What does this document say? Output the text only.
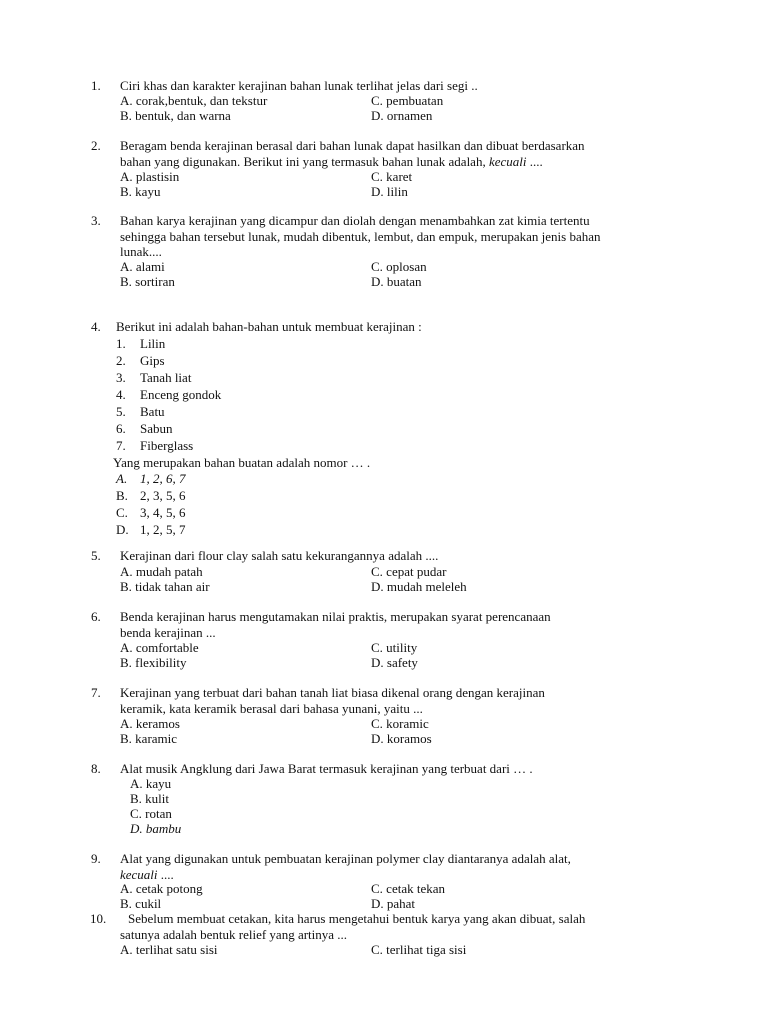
1. Ciri khas dan karakter kerajinan bahan lunak terlihat jelas dari segi ..
A. corak,bentuk, dan tekstur	C. pembuatan
B. bentuk, dan warna	D. ornamen
2. Beragam benda kerajinan berasal dari bahan lunak dapat hasilkan dan dibuat berdasarkan
bahan yang digunakan. Berikut ini yang termasuk bahan lunak adalah, kecuali ....
A. plastisin	C. karet
B. kayu	D. lilin
3. Bahan karya kerajinan yang dicampur dan diolah dengan menambahkan zat kimia tertentu
sehingga bahan tersebut lunak, mudah dibentuk, lembut, dan empuk, merupakan jenis bahan
lunak....
A. alami	C. oplosan
B. sortiran	D. buatan
4. Berikut ini adalah bahan-bahan untuk membuat kerajinan :
1. Lilin
2. Gips
3. Tanah liat
4. Enceng gondok
5. Batu
6. Sabun
7. Fiberglass
Yang merupakan bahan buatan adalah nomor … .
A. 1, 2, 6, 7
B. 2, 3, 5, 6
C. 3, 4, 5, 6
D. 1, 2, 5, 7
5. Kerajinan dari flour clay salah satu kekurangannya adalah ....
A. mudah patah	C. cepat pudar
B. tidak tahan air	D. mudah meleleh
6. Benda kerajinan harus mengutamakan nilai praktis, merupakan syarat perencanaan
benda kerajinan ...
A. comfortable	C. utility
B. flexibility	D. safety
7. Kerajinan yang terbuat dari bahan tanah liat biasa dikenal orang dengan kerajinan
keramik, kata keramik berasal dari bahasa yunani, yaitu ...
A. keramos	C. koramic
B. karamic	D. koramos
8. Alat musik Angklung dari Jawa Barat termasuk kerajinan yang terbuat dari … .
A. kayu
B. kulit
C. rotan
D. bambu
9. Alat yang digunakan untuk pembuatan kerajinan polymer clay diantaranya adalah alat,
kecuali ....
A. cetak potong	C. cetak tekan
B. cukil	D. pahat
10.	Sebelum membuat cetakan, kita harus mengetahui bentuk karya yang akan dibuat, salah
satunya adalah bentuk relief yang artinya ...
A. terlihat satu sisi	C. terlihat tiga sisi
